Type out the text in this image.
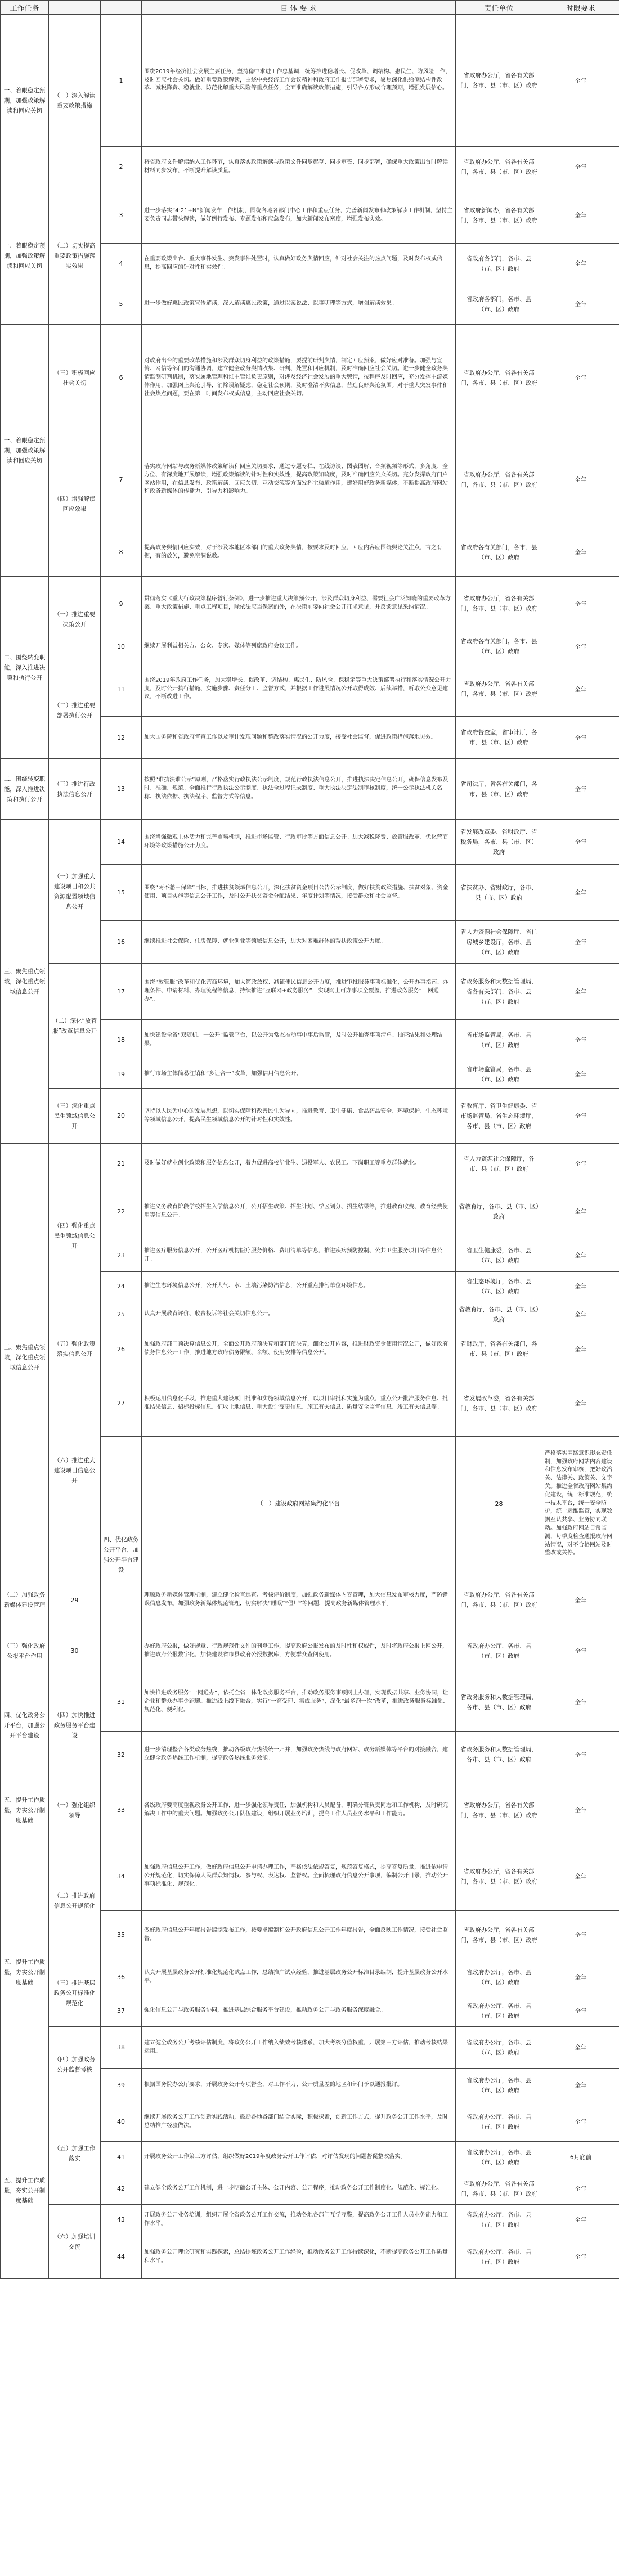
工作任务			目 体 要 求	责任单位	时限要求	
一、着眼稳定预期，加强政策解读和回应关切	（一）深入解读重要政策措施	1	围绕2019年经济社会发展主要任务，坚持稳中求进工作总基调，统筹推进稳增长、促改革、调结构、惠民生、防风险工作，及时回应社会关切。做好重要政策解读，围绕中央经济工作会议精神和政府工作报告部署要求，聚焦深化供给侧结构性改革、减税降费、稳就业、防范化解重大风险等重点任务，全面准确解读政策措施，引导各方形成合理预期，增强发展信心。	省政府办公厅，省各有关部门，各市、县（市、区）政府	全年	
		2	将省政府文件解读纳入工作环节，认真落实政策解读与政策文件同步起草、同步审签、同步部署，确保重大政策出台时解读材料同步发布，不断提升解读质量。	省政府办公厅，省各有关部门，各市、县（市、区）政府	全年	
一、着眼稳定预期，加强政策解读和回应关切	（二）切实提高重要政策措施落实效果	3	进一步落实“4·21+N”新闻发布工作机制，围绕各地各部门中心工作和重点任务，完善新闻发布和政策解读工作机制，坚持主要负责同志带头解读，做好例行发布、专题发布和应急发布，加大新闻发布密度，增强发布实效。	省政府新闻办，省各有关部门，各市、县（市、区）政府	全年	
		4	在重要政策出台、重大事件发生、突发事件处置时，认真做好政务舆情回应，针对社会关注的热点问题，及时发布权威信息，提高回应的针对性和实效性。	省政府各部门，各市、县（市、区）政府	全年	
		5	进一步做好惠民政策宣传解读，深入解读惠民政策，通过以案说法、以事明理等方式，增强解读效果。	省政府各部门，各市、县（市、区）政府	全年	
一、着眼稳定预期，加强政策解读和回应关切	（三）积极回应社会关切	6	对政府出台的重要改革措施和涉及群众切身利益的政策措施，要提前研判舆情，制定回应预案，做好应对准备。加强与宣传、网信等部门的沟通协调，建立健全政务舆情收集、研判、处置和回应机制，及时准确回应社会关切。进一步健全政务舆情监测研判机制，落实属地管理和谁主管谁负责原则，对涉及经济社会发展的重大舆情，按程序及时回应，充分发挥主流媒体作用，加强网上舆论引导，消除误解疑虑，稳定社会预期，及时澄清不实信息，营造良好舆论氛围。对于重大突发事件和社会热点问题，要在第一时间发布权威信息，主动回应社会关切。	省政府办公厅，省各有关部门，各市、县（市、区）政府	全年	
	（四）增强解读回应效果	7	落实政府网站与政务新媒体政策解读和回应关切要求，通过专题专栏、在线访谈、图表图解、音频视频等形式，多角度、全方位、有深度地开展解读，增强政策解读的针对性和实效性，提高政策知晓度，及时准确回应公众关切。充分发挥政府门户网站作用，在信息发布、政策解读、回应关切、互动交流等方面发挥主渠道作用，建好用好政务新媒体，不断提高政府网站和政务新媒体的传播力、引导力和影响力。	省政府办公厅，省各有关部门，各市、县（市、区）政府	全年	
		8	提高政务舆情回应实效，对于涉及本地区本部门的重大政务舆情，按要求及时回应，回应内容应围绕舆论关注点，言之有据，有的放矢，避免空洞说教。	省政府各有关部门，各市、县（市、区）政府	全年	
二、围绕转变职能，深入推进决策和执行公开	（一）推进重要决策公开	9	贯彻落实《重大行政决策程序暂行条例》，进一步推进重大决策预公开，涉及群众切身利益、需要社会广泛知晓的重要改革方案、重大政策措施、重点工程项目，除依法应当保密的外，在决策前要向社会公开征求意见，并反馈意见采纳情况。	省政府办公厅，省各有关部门，各市、县（市、区）政府	全年	
		10	继续开展利益相关方、公众、专家、媒体等列席政府会议工作。	省政府各有关部门，各市、县（市、区）政府	全年	
	（二）推进重要部署执行公开	11	围绕2019年政府工作任务，加大稳增长、促改革、调结构、惠民生、防风险、保稳定等重大决策部署执行和落实情况公开力度，及时公开执行措施、实施步骤、责任分工、监督方式，并根据工作进展情况公开取得成效、后续举措，听取公众意见建议，不断改进工作。	省政府办公厅，省各有关部门，各市、县（市、区）政府	全年	
		12	加大国务院和省政府督查工作以及审计发现问题和整改落实情况的公开力度，接受社会监督，促进政策措施落地见效。	省政府督查室，省审计厅，各市、县（市、区）政府	全年	
二、围绕转变职能，深入推进决策和执行公开	（三）推进行政执法信息公开	13	按照“谁执法谁公示”原则，严格落实行政执法公示制度，规范行政执法信息公开，推进执法决定信息公开，确保信息发布及时、准确、规范。全面推行行政执法公示制度、执法全过程记录制度、重大执法决定法制审核制度，统一公示执法机关名称、执法依据、执法程序、监督方式等信息。	省司法厅，省各有关部门，各市、县（市、区）政府	全年	
三、聚焦重点领域，深化重点领域信息公开	（一）加强重大建设项目和公共资源配置领域信息公开	14	围绕增强微观主体活力和完善市场机制，推进市场监管、行政审批等方面信息公开。加大减税降费、放管服改革、优化营商环境等政策措施公开力度。	省发展改革委、省财政厅、省税务局，各市、县（市、区）政府	全年	
		15	围绕“两不愁三保障”目标，推进扶贫领域信息公开，深化扶贫资金项目公告公示制度，做好扶贫政策措施、扶贫对象、资金使用、项目实施等信息公开工作，及时公开扶贫资金分配结果、年度计划等情况，接受群众和社会监督。	省扶贫办、省财政厅，各市、县（市、区）政府	全年	
		16	继续推进社会保险、住房保障、就业创业等领域信息公开，加大对困难群体的帮扶政策公开力度。	省人力资源社会保障厅、省住房城乡建设厅，各市、县（市、区）政府	全年	
	（二）深化“放管服”改革信息公开	17	围绕“放管服”改革和优化营商环境，加大简政放权、减证便民信息公开力度，推进审批服务事项标准化，公开办事指南、办理条件、申请材料、办理流程等信息，持续推进“互联网+政务服务”，实现网上可办事项全覆盖，推进政务服务“一网通办”。	省政务服务和大数据管理局，省各有关部门，各市、县（市、区）政府	全年	
		18	加快建设全省“双随机、一公开”监管平台，以公开为常态推动事中事后监管，及时公开抽查事项清单、抽查结果和处理结果。	省市场监管局，各市、县（市、区）政府	全年	
		19	推行市场主体简易注销和“多证合一”改革，加强信用信息公开。	省市场监管局，各市、县（市、区）政府	全年	
	（三）深化重点民生领域信息公开	20	坚持以人民为中心的发展思想，以切实保障和改善民生为导向，推进教育、卫生健康、食品药品安全、环境保护、生态环境等领域信息公开，提高民生领域信息公开的针对性和实效性。	省教育厅、省卫生健康委、省市场监管局、省生态环境厅，各市、县（市、区）政府	全年	
三、聚焦重点领域，深化重点领域信息公开	（四）强化重点民生领域信息公开	21	及时做好就业创业政策和服务信息公开，着力促进高校毕业生、退役军人、农民工、下岗职工等重点群体就业。	省人力资源社会保障厅，各市、县（市、区）政府	全年	
		22	推进义务教育阶段学校招生入学信息公开，公开招生政策、招生计划、学区划分、招生结果等，推进教育收费、教育经费使用等信息公开。	省教育厅，各市、县（市、区）政府	全年	
		23	推进医疗服务信息公开，公开医疗机构医疗服务价格、费用清单等信息，推进疾病预防控制、公共卫生服务项目等信息公开。	省卫生健康委，各市、县（市、区）政府	全年	
		24	推进生态环境信息公开，公开大气、水、土壤污染防治信息，公开重点排污单位环境信息。	省生态环境厅，各市、县（市、区）政府	全年	
		25	认真开展教育评价、收费投诉等社会关切信息公开。	省教育厅，各市、县（市、区）政府	全年	
	（五）强化政策落实信息公开	26	加强政府部门预决算信息公开，全面公开政府预决算和部门预决算，细化公开内容，推进财政资金使用情况公开，做好政府债务信息公开工作，推进地方政府债务限额、余额、使用安排等信息公开。	省财政厅，省各有关部门，各市、县（市、区）政府	全年	
	（六）推进重大建设项目信息公开	27	积极运用信息化手段，推进重大建设项目批准和实施领域信息公开，以项目审批和实施为重点，重点公开批准服务信息、批准结果信息、招标投标信息、征收土地信息、重大设计变更信息、施工有关信息、质量安全监督信息、竣工有关信息等。	省发展改革委，省各有关部门，各市、县（市、区）政府	全年	
		四、优化政务公开平台，加强公开平台建设	（一）建设政府网站集约化平台	28	严格落实网络意识形态责任制，加强政府网站内容建设和信息发布审核，把好政治关、法律关、政策关、文字关。推进全省政府网站集约化建设，统一标准规范，统一技术平台，统一安全防护，统一运维监管，实现数据互认共享、业务协同联动。加强政府网站日常监测，每季度检查通报政府网站情况，对不合格网站及时整改或关停。		
（二）加强政务新媒体建设管理	29		理顺政务新媒体管理机制，建立健全检查巡查、考核评价制度，加强政务新媒体内容管理，加大信息发布审核力度，严防错误信息发布。加强政务新媒体规范管理，切实解决“睡眠”“僵尸”等问题，提高政务新媒体管理水平。	省政府办公厅，省各有关部门，各市、县（市、区）政府	全年	
（三）强化政府公报平台作用	30		办好政府公报，做好规章、行政规范性文件的刊登工作，提高政府公报发布的及时性和权威性，及时将政府公报上网公开，推进政府公报数字化，加快建设省市县政府公报数据库，方便群众查阅使用。	省政府办公厅，各市、县（市、区）政府	全年	
四、优化政务公开平台，加强公开平台建设	（四）加快推进政务服务平台建设	31	加快推进政务服务“一网通办”，依托全省一体化政务服务平台，推动政务服务事项网上办理，实现数据共享、业务协同，让企业和群众办事少跑腿。推进线上线下融合，实行“一窗受理、集成服务”，深化“最多跑一次”改革，推进政务服务标准化、规范化、便利化。	省政务服务和大数据管理局，各市、县（市、区）政府	全年	
		32	进一步清理整合各类政务热线，推动各级政府热线统一归并，加强政务热线与政府网站、政务新媒体等平台的对接融合，建立健全政务热线工作机制，提高政务热线服务效能。	省政务服务和大数据管理局，各市、县（市、区）政府	全年	
五、提升工作质量，夯实公开制度基础	（一）强化组织领导	33	各级政府要高度重视政务公开工作，进一步强化领导责任，加强机构和人员配备，明确分管负责同志和工作机构，及时研究解决工作中的重大问题。加强政务公开队伍建设，组织开展业务培训，提高工作人员业务水平和工作能力。	省政府办公厅，省各有关部门，各市、县（市、区）政府	全年	
五、提升工作质量，夯实公开制度基础	（二）推进政府信息公开规范化	34	加强政府信息公开工作，做好政府信息公开申请办理工作，严格依法依规答复，规范答复格式，提高答复质量，推进依申请公开规范化，切实保障人民群众知情权、参与权、表达权、监督权。全面梳理政府信息公开事项，编制公开目录，推动公开事项标准化、规范化。	省政府办公厅，省各有关部门，各市、县（市、区）政府	全年	
		35	做好政府信息公开年度报告编制发布工作，按要求编制和公开政府信息公开工作年度报告，全面反映工作情况，接受社会监督。	省政府办公厅，省各有关部门，各市、县（市、区）政府	全年	
	（三）推进基层政务公开标准化规范化	36	认真开展基层政务公开标准化规范化试点工作，总结推广试点经验，推进基层政务公开标准目录编制，提升基层政务公开水平。	省政府办公厅，各市、县（市、区）政府	全年	
		37	强化信息公开与政务服务协同，推进基层综合服务平台建设，推动政务公开与政务服务深度融合。	省政府办公厅，各市、县（市、区）政府	全年	
	（四）加强政务公开监督考核	38	建立健全政务公开考核评估制度，将政务公开工作纳入绩效考核体系，加大考核分值权重，开展第三方评估，推动考核结果运用。	省政府办公厅，各市、县（市、区）政府	全年	
		39	根据国务院办公厅要求，开展政务公开专项督查，对工作不力、公开质量差的地区和部门予以通报批评。	省政府办公厅，各市、县（市、区）政府	全年	
五、提升工作质量，夯实公开制度基础	（五）加强工作落实	40	继续开展政务公开工作创新实践活动，鼓励各地各部门结合实际，积极探索，创新工作方式，提升政务公开工作水平，及时总结推广经验做法。	省政府办公厅，各市、县（市、区）政府	全年	
		41	开展政务公开工作第三方评估，组织做好2019年度政务公开工作评估，对评估发现的问题督促整改落实。	省政府办公厅，各市、县（市、区）政府	6月底前	
		42	建立健全政务公开工作机制，进一步明确公开主体、公开内容、公开程序，推动政务公开工作制度化、规范化、标准化。	省政府办公厅，省各有关部门，各市、县（市、区）政府	全年	
	（六）加强培训交流	43	开展政务公开业务培训，组织开展全省政务公开工作交流，推动各地各部门互学互鉴，提高政务公开工作人员业务能力和工作水平。	省政府办公厅，各市、县（市、区）政府	全年	
		44	加强政务公开理论研究和实践探索，总结提炼政务公开工作经验，推动政务公开工作持续深化，不断提高政务公开工作质量和水平。	省政府办公厅，各市、县（市、区）政府	全年	
